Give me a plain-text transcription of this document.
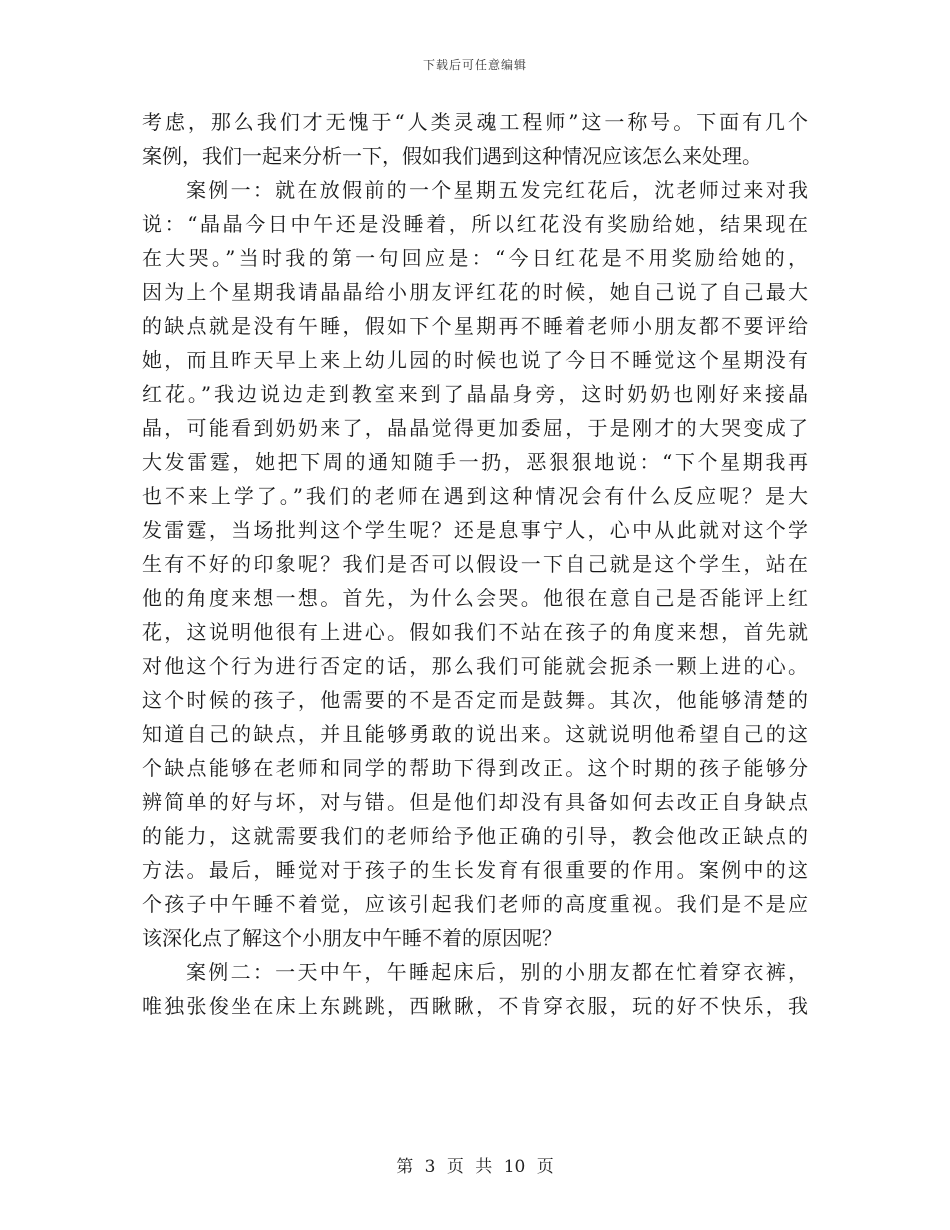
下载后可任意编辑
考虑，那么我们才无愧于“人类灵魂工程师”这一称号。下面有几个
案例，我们一起来分析一下，假如我们遇到这种情况应该怎么来处理。
案例一：就在放假前的一个星期五发完红花后，沈老师过来对我
说：“晶晶今日中午还是没睡着，所以红花没有奖励给她，结果现在
在大哭。”当时我的第一句回应是：“今日红花是不用奖励给她的，
因为上个星期我请晶晶给小朋友评红花的时候，她自己说了自己最大
的缺点就是没有午睡，假如下个星期再不睡着老师小朋友都不要评给
她，而且昨天早上来上幼儿园的时候也说了今日不睡觉这个星期没有
红花。”我边说边走到教室来到了晶晶身旁，这时奶奶也刚好来接晶
晶，可能看到奶奶来了，晶晶觉得更加委屈，于是刚才的大哭变成了
大发雷霆，她把下周的通知随手一扔，恶狠狠地说：“下个星期我再
也不来上学了。”我们的老师在遇到这种情况会有什么反应呢？是大
发雷霆，当场批判这个学生呢？还是息事宁人，心中从此就对这个学
生有不好的印象呢？我们是否可以假设一下自己就是这个学生，站在
他的角度来想一想。首先，为什么会哭。他很在意自己是否能评上红
花，这说明他很有上进心。假如我们不站在孩子的角度来想，首先就
对他这个行为进行否定的话，那么我们可能就会扼杀一颗上进的心。
这个时候的孩子，他需要的不是否定而是鼓舞。其次，他能够清楚的
知道自己的缺点，并且能够勇敢的说出来。这就说明他希望自己的这
个缺点能够在老师和同学的帮助下得到改正。这个时期的孩子能够分
辨简单的好与坏，对与错。但是他们却没有具备如何去改正自身缺点
的能力，这就需要我们的老师给予他正确的引导，教会他改正缺点的
方法。最后，睡觉对于孩子的生长发育有很重要的作用。案例中的这
个孩子中午睡不着觉，应该引起我们老师的高度重视。我们是不是应
该深化点了解这个小朋友中午睡不着的原因呢？
案例二：一天中午，午睡起床后，别的小朋友都在忙着穿衣裤，
唯独张俊坐在床上东跳跳，西瞅瞅，不肯穿衣服，玩的好不快乐，我
第 3 页 共 10 页
